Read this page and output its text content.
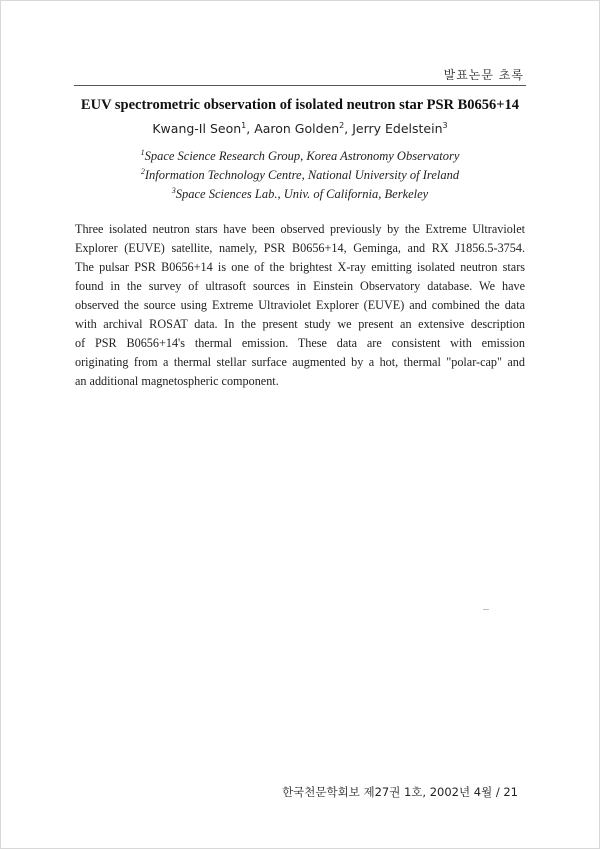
발표논문 초록
EUV spectrometric observation of isolated neutron star PSR B0656+14
Kwang-Il Seon$^1$, Aaron Golden$^2$, Jerry Edelstein$^3$
$^1$Space Science Research Group, Korea Astronomy Observatory
$^2$Information Technology Centre, National University of Ireland
$^3$Space Sciences Lab., Univ. of California, Berkeley
Three isolated neutron stars have been observed previously by the Extreme Ultraviolet
Explorer (EUVE) satellite, namely, PSR B0656+14, Geminga, and RX J1856.5-3754.
The pulsar PSR B0656+14 is one of the brightest X-ray emitting isolated neutron stars
found in the survey of ultrasoft sources in Einstein Observatory database. We have
observed the source using Extreme Ultraviolet Explorer (EUVE) and combined the data
with archival ROSAT data. In the present study we present an extensive description
of PSR B0656+14's thermal emission. These data are consistent with emission
originating from a thermal stellar surface augmented by a hot, thermal "polar-cap" and
an additional magnetospheric component.
한국천문학회보 제27권 1호, 2002년 4월 / 21
